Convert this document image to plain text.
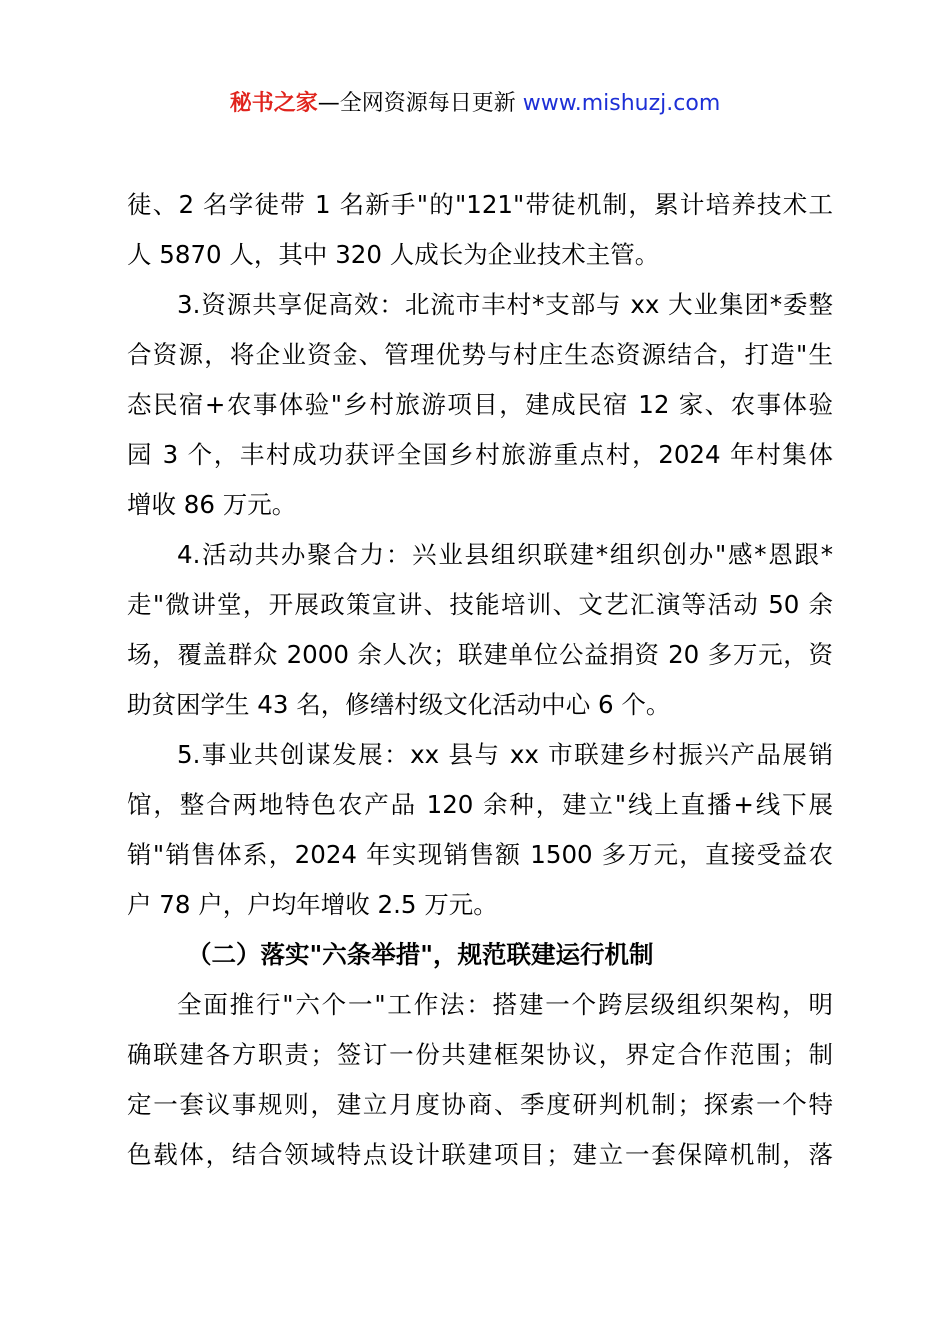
秘书之家—全网资源每日更新 www.mishuzj.com
徒、2 名学徒带 1 名新手"的"121"带徒机制，累计培养技术工
人 5870 人，其中 320 人成长为企业技术主管。
3.资源共享促高效：北流市丰村*支部与 xx 大业集团*委整
合资源，将企业资金、管理优势与村庄生态资源结合，打造"生
态民宿+农事体验"乡村旅游项目，建成民宿 12 家、农事体验
园 3 个，丰村成功获评全国乡村旅游重点村，2024 年村集体
增收 86 万元。
4.活动共办聚合力：兴业县组织联建*组织创办"感*恩跟*
走"微讲堂，开展政策宣讲、技能培训、文艺汇演等活动 50 余
场，覆盖群众 2000 余人次；联建单位公益捐资 20 多万元，资
助贫困学生 43 名，修缮村级文化活动中心 6 个。
5.事业共创谋发展：xx 县与 xx 市联建乡村振兴产品展销
馆，整合两地特色农产品 120 余种，建立"线上直播+线下展
销"销售体系，2024 年实现销售额 1500 多万元，直接受益农
户 78 户，户均年增收 2.5 万元。
（二）落实"六条举措"，规范联建运行机制
全面推行"六个一"工作法：搭建一个跨层级组织架构，明
确联建各方职责；签订一份共建框架协议，界定合作范围；制
定一套议事规则，建立月度协商、季度研判机制；探索一个特
色载体，结合领域特点设计联建项目；建立一套保障机制，落
